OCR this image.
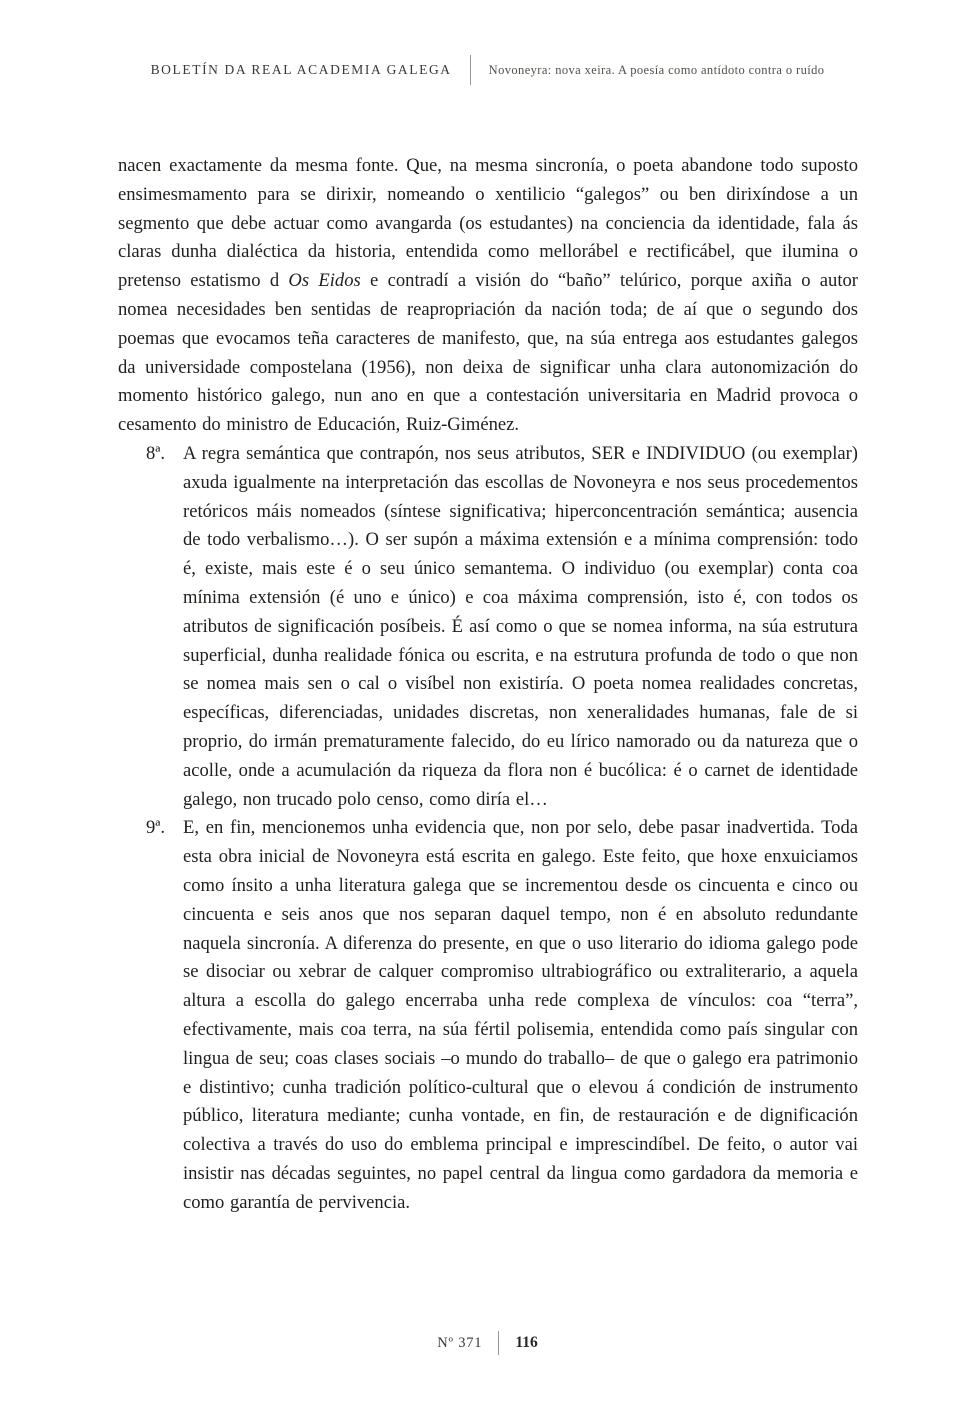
BOLETÍN DA REAL ACADEMIA GALEGA	Novoneyra: nova xeira. A poesía como antídoto contra o ruído

nacen exactamente da mesma fonte. Que, na mesma sincronía, o poeta abandone todo suposto ensimesmamento para se dirixir, nomeando o xentilicio “galegos” ou ben dirixíndose a un segmento que debe actuar como avangarda (os estudantes) na conciencia da identidade, fala ás claras dunha dialéctica da historia, entendida como mellorábel e rectificábel, que ilumina o pretenso estatismo d Os Eidos e contradí a visión do “baño” telúrico, porque axiña o autor nomea necesidades ben sentidas de reapropriación da nación toda; de aí que o segundo dos poemas que evocamos teña caracteres de manifesto, que, na súa entrega aos estudantes galegos da universidade compostelana (1956), non deixa de significar unha clara autonomización do momento histórico galego, nun ano en que a contestación universitaria en Madrid provoca o cesamento do ministro de Educación, Ruiz-Giménez.

8ª. A regra semántica que contrapón, nos seus atributos, SER e INDIVIDUO (ou exemplar) axuda igualmente na interpretación das escollas de Novoneyra e nos seus procedementos retóricos máis nomeados (síntese significativa; hiperconcentración semántica; ausencia de todo verbalismo…). O ser supón a máxima extensión e a mínima comprensión: todo é, existe, mais este é o seu único semantema. O individuo (ou exemplar) conta coa mínima extensión (é uno e único) e coa máxima comprensión, isto é, con todos os atributos de significación posíbeis. É así como o que se nomea informa, na súa estrutura superficial, dunha realidade fónica ou escrita, e na estrutura profunda de todo o que non se nomea mais sen o cal o visíbel non existiría. O poeta nomea realidades concretas, específicas, diferenciadas, unidades discretas, non xeneralidades humanas, fale de si proprio, do irmán prematuramente falecido, do eu lírico namorado ou da natureza que o acolle, onde a acumulación da riqueza da flora non é bucólica: é o carnet de identidade galego, non trucado polo censo, como diría el…
9ª. E, en fin, mencionemos unha evidencia que, non por selo, debe pasar inadvertida. Toda esta obra inicial de Novoneyra está escrita en galego. Este feito, que hoxe enxuiciamos como ínsito a unha literatura galega que se incrementou desde os cincuenta e cinco ou cincuenta e seis anos que nos separan daquel tempo, non é en absoluto redundante naquela sincronía. A diferenza do presente, en que o uso literario do idioma galego pode se disociar ou xebrar de calquer compromiso ultrabiográfico ou extraliterario, a aquela altura a escolla do galego encerraba unha rede complexa de vínculos: coa “terra”, efectivamente, mais coa terra, na súa fértil polisemia, entendida como país singular con lingua de seu; coas clases sociais –o mundo do traballo– de que o galego era patrimonio e distintivo; cunha tradición político-cultural que o elevou á condición de instrumento público, literatura mediante; cunha vontade, en fin, de restauración e de dignificación colectiva a través do uso do emblema principal e imprescindíbel. De feito, o autor vai insistir nas décadas seguintes, no papel central da lingua como gardadora da memoria e como garantía de pervivencia.
Nº 371 116
